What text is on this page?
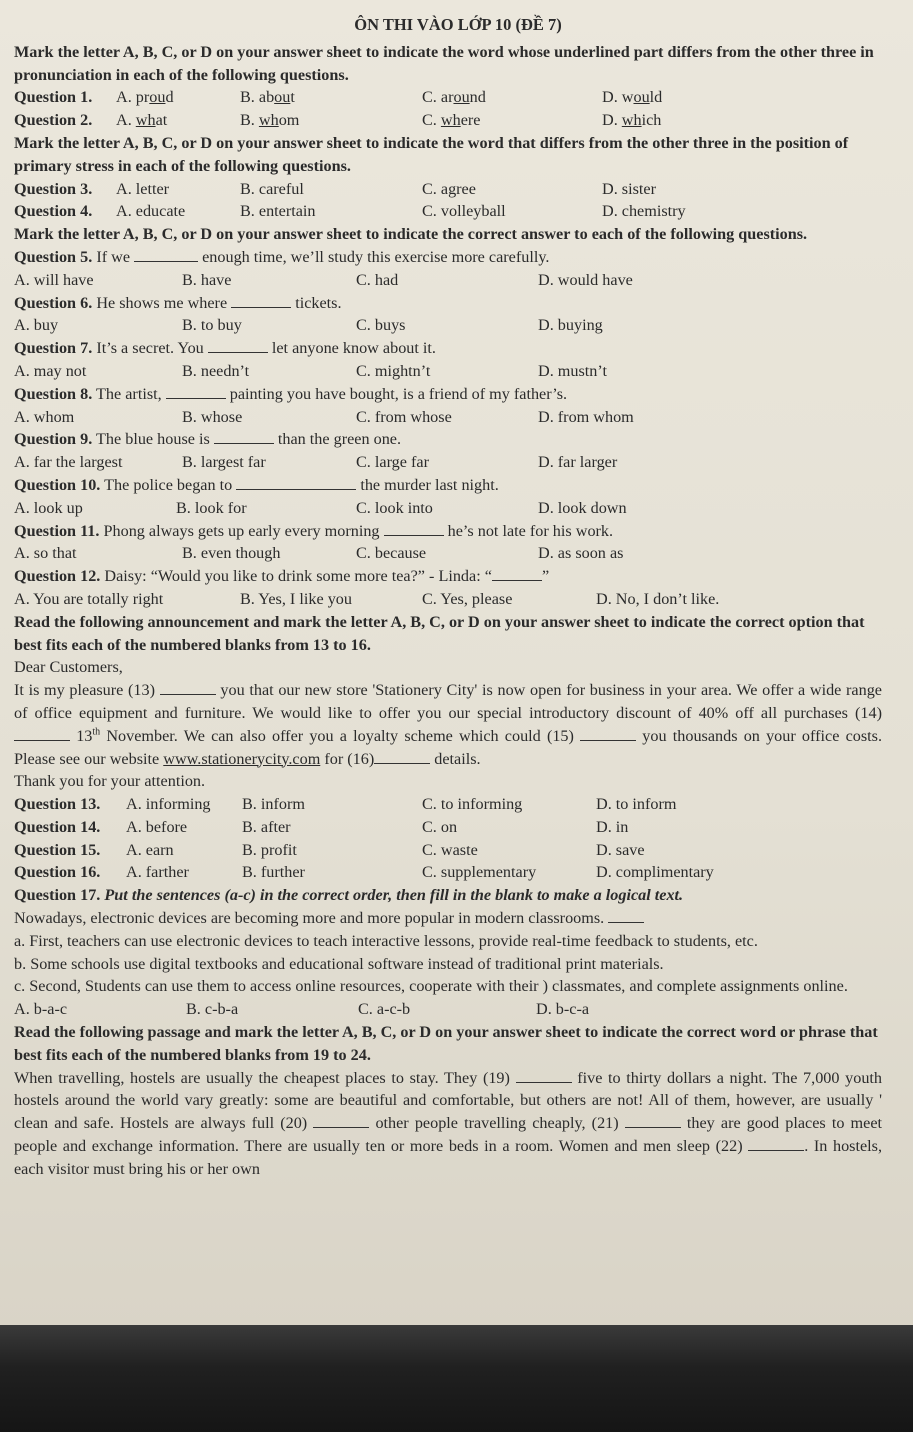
ÔN THI VÀO LỚP 10 (ĐỀ 7)
Mark the letter A, B, C, or D on your answer sheet to indicate the word whose underlined part differs from the other three in pronunciation in each of the following questions.
Question 1. A. proud	B. about	C. around	D. would
Question 2. A. what	B. whom	C. where	D. which
Mark the letter A, B, C, or D on your answer sheet to indicate the word that differs from the other three in the position of primary stress in each of the following questions.
Question 3. A. letter	B. careful	C. agree	D. sister
Question 4. A. educate	B. entertain	C. volleyball	D. chemistry
Mark the letter A, B, C, or D on your answer sheet to indicate the correct answer to each of the following questions.
Question 5. If we	enough time, we’ll study this exercise more carefully.
A. will have	B. have	C. had	D. would have
Question 6. He shows me where	tickets.
A. buy	B. to buy	C. buys	D. buying
Question 7. It’s a secret. You	let anyone know about it.
A. may not	B. needn’t	C. mightn’t	D. mustn’t
Question 8. The artist,	painting you have bought, is a friend of my father’s.
A. whom	B. whose	C. from whose	D. from whom
Question 9. The blue house is	than the green one.
A. far the largest	B. largest far	C. large far	D. far larger
Question 10. The police began to	the murder last night.
A. look up	B. look for	C. look into	D. look down
Question 11. Phong always gets up early every morning	he’s not late for his work.
A. so that	B. even though	C. because	D. as soon as
Question 12. Daisy: “Would you like to drink some more tea?” - Linda: “	”
A. You are totally right	B. Yes, I like you	C. Yes, please	D. No, I don’t like.
Read the following announcement and mark the letter A, B, C, or D on your answer sheet to indicate the correct option that best fits each of the numbered blanks from 13 to 16.
Dear Customers,
It is my pleasure (13)	you that our new store 'Stationery City' is now open for business in your area. We offer a wide range of office equipment and furniture. We would like to offer you our special introductory discount of 40% off all purchases (14)  13th November. We can also offer you a loyalty scheme which could (15)	you thousands on your office costs. Please see our website www.stationerycity.com for (16)	details.
Thank you for your attention.
Question 13. A. informing B. inform	C. to informing	D. to inform
Question 14. A. before	B. after	C. on	D. in
Question 15. A. earn	B. profit	C. waste	D. save
Question 16. A. farther	B. further	C. supplementary	D. complimentary
Question 17. Put the sentences (a-c) in the correct order, then fill in the blank to make a logical text.
Nowadays, electronic devices are becoming more and more popular in modern classrooms.
a. First, teachers can use electronic devices to teach interactive lessons, provide real-time feedback to students, etc.
b. Some schools use digital textbooks and educational software instead of traditional print materials.
c. Second, Students can use them to access online resources, cooperate with their ) classmates, and complete assignments online.
A. b-a-c	B. c-b-a	C. a-c-b	D. b-c-a
Read the following passage and mark the letter A, B, C, or D on your answer sheet to indicate the correct word or phrase that best fits each of the numbered blanks from 19 to 24.
When travelling, hostels are usually the cheapest places to stay. They (19)	five to thirty dollars a night. The 7,000 youth hostels around the world vary greatly: some are beautiful and comfortable, but others are not! All of them, however, are usually ' clean and safe. Hostels are always full (20)	other people travelling cheaply, (21)	they are good places to meet people and exchange information. There are usually ten or more beds in a room. Women and men sleep (22)	. In hostels, each visitor must bring his or her own
